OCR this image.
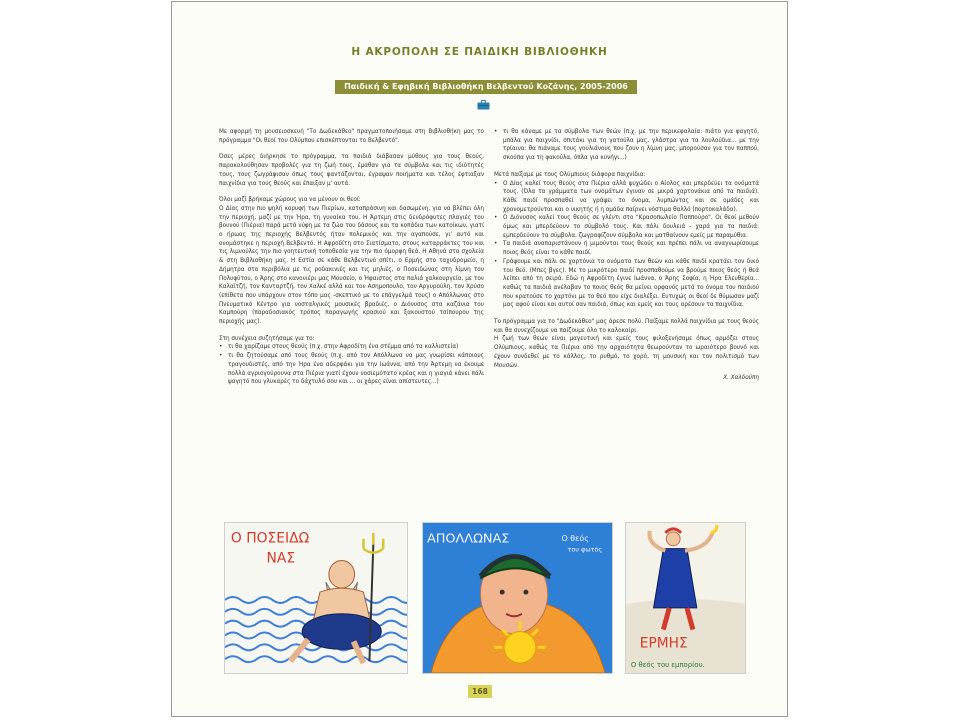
Η ΑΚΡΟΠΟΛΗ ΣΕ ΠΑΙΔΙΚΗ ΒΙΒΛΙΟΘΗΚΗ
Παιδική & Εφηβική Βιβλιοθήκη Βελβεντού Κοζάνης, 2005-2006

Με αφορμή τη μουσειοσκευή "Το Δωδεκάθεο" πραγματοποιήσαμε στη Βιβλιοθήκη μας το πρόγραμμα "Οι θεοί του Ολύμπου επισκέπτονται το Βελβεντό".

Όσες μέρες διήρκησε το πρόγραμμα, τα παιδιά διάβασαν μύθους για τους θεούς, παρακολούθησαν προβολές για τη ζωή τους, έμαθαν για τα σύμβολα και τις ιδιότητές τους, τους ζωγράφισαν όπως τους φαντάζονται, έγραψαν ποιήματα και τέλος έφτιαξαν παιχνίδια για τους θεούς και έπαιξαν μ' αυτά.

Όλοι μαζί βρήκαμε χώρους για να μένουν οι θεοί:

Ο Δίας στην πιο ψηλή κορυφή των Πιερίων, καταπράσινη και δασωμένη, για να βλέπει όλη την περιοχή, μαζί με την Ήρα, τη γυναίκα του. Η Άρτεμη στις δενδρόφυτες πλαγιές του βουνού (Πιέρια) παρά μετά νύφη με τα ζώα του δάσους και τα κοπάδια των κατοίκων, γιατί ο ήρωας της περιοχής Βελβεντός ήταν πολεμικός και την αγαπούσε, γι' αυτό και ονομάστηκε η περιοχή Βελβεντό. Η Αφροδίτη στο Σιατίσματο, στους καταρράκτες του και τις λιμνούλες την πιο γοητευτική τοποθεσία για την πιο όμορφη θεά. Η Αθηνά στα σχολεία & στη Βιβλιοθήκη μας. Η Εστία σε κάθε Βελβεντινό σπίτι, ο Ερμής στο ταχυδρομείο, η Δήμητρα στα περιβόλια με τις ροδακινιές και τις μηλιές, ο Ποσειδώνας στη λίμνη του Πολυφύτου, ο Άρης στο κανονιέρι μας Μουσείο, ο Ήφαιστος στα παλιά χαλκουργεία, με τον Καλαϊτζή, τον Κανταρτζή, τον Χαλκέ αλλά και τον Ασημοπουλο, τον Αργυρούλη, τον Χρύσο (επίθετα που υπάρχουν στον τόπο μας -σκεπτικό με το επάγγελμά τους) ο Απόλλωνας στο Πνευματικό Κέντρο για νοσταλγικές μουσικές βραδιές, ο Διόνυσος στα καζάνια του Καμπούρη (παραδοσιακός τρόπος παραγωγής κρασιού και ξακουστού τσίπουρου της περιοχής μας).

Στη συνέχεια συζητήσαμε για το:

• τι θα χαρίζαμε στους θεούς (π.χ. στην Αφροδίτη ένα στέμμα από τα καλλιστεία)
• τι θα ζητούσαμε από τους θεούς (π.χ. από τον Απόλλωνα να μας γνωρίσει κάποιους τραγουδιστές, από την Ήρα ένα αδερφάκι για την Ιωάννα, από την Άρτεμη να έκουμε πολλά αγριογούρουνα στα Πιέρια γιατί έχουν νοσιεμότατο κρέας και η γιαγιά κάνει πάλι ψαγητό που γλυκαρές το δάχτυλό σου και ... οι χάρες είναι απίστευτες...)
• τι θα κάναμε με τα σύμβολα των θεών (π.χ. με την περικεφαλαία: πιάτο για φαγητό, μπάλα για παιχνίδι, σπιτάκι για τη γατούλα μας, γλάστρα για τα λουλούδια... με την τρίαινα: θα πιάναμε τους γουλιάνους που ζουν η λίμνη μας, μπορούσαν για τον παππού, σκούπα για τη φακούλα, όπλα για κυνήγι...)

Μετά παίξαμε με τους Ολύμπιους διάφορα παιχνίδια:

• Ο Δίας καλεί τους θεούς στα Πιέρια αλλά ψυχώδει ο Αίολος και μπερδεύει τα ονόματά τους. (Όλα τα γράμματα των ονομάτων έγιναν σε μικρά χαρτονάκια από τα παιδιά). Κάθε παιδί προσπαθεί να γράψει το όνομα, λυμπώντας και σε ομάδες και χρονομετρούνται και ο νικητής ή η ομάδα παίρνει νόστιμα θαλλό (πορτοκαλάδα).
• Ο Διόνυσος καλεί τους θεούς σε γλέντι στο "Κρασοπωλείο Παππούρο". Οι θεοί μεθούν όμως και μπερδεύουν το σύμβολό τους. Και πάλι δουλειά - χαρά για τα παιδιά: εμπερδεύουν τα σύμβολα, ζωγραφίζουν σύμβολα και ματθαίνουν εμείς με παραμύθια.
• Τα παιδιά αναπαριστάνουν ή μιμούνται τους θεούς και πρέπει πάλι να αναγνωρίσουμε ποιος θεός είναι το κάθε παιδί.
• Γράψουμε και πάλι σε χαρτόνια τα ονόματα των θεών και κάθε παιδί κρατάει τον δικό του θεό. (Μπες βγες). Με το μικρότερο παιδί προσπαθούμε να βρούμε ποιος θεός ή θεά λείπει από τη σειρά. Εδώ η Αφροδίτη έγινε Ιωάννα, ο Άρης Σοφία, η Ήρα Ελευθερία... καθώς τα παιδιά ανέλαβαν το ποιος θεός θα μείνει ορφανός μετά το όνομα του παιδιού που κρατούσε το χαρτόνι με το θεό που είχε διαλέξει. Ευτυχώς οι θεοί δε θύμωσαν μαζί μας αφού είναι και αυτοί σαν παιδιά, όπως και εμείς και τους αρέσουν τα παιχνίδια.

Το πρόγραμμα για το "Δωδεκάθεο" μας άρεσε πολύ. Παίξαμε πολλά παιχνίδια με τους θεούς και θα συνεχίζουμε να παίζουμε όλο το καλοκαίρι.

Η ζωή των θεών είναι μαγευτική και εμείς τους φιλοξενήσαμε όπως αρμόζει στους Ολύμπιους, καθώς τα Πιέρια από την αρχαιότητα θεωρούνταν το ωραιότερο βουνό και έχουν συνδεθεί με το κάλλος, το ρυθμό, το χορό, τη μουσική και τον πολιτισμό των Μουσών.

Χ. Χαλδούπη
Ο ΠΟΣΕΙΔΩ
ΝΑΣ
ΑΠΟΛΛΩΝΑΣ	Ο θεός
του φωτός
ΕΡΜΗΣ
Ο θεός του εμπορίου.
168
